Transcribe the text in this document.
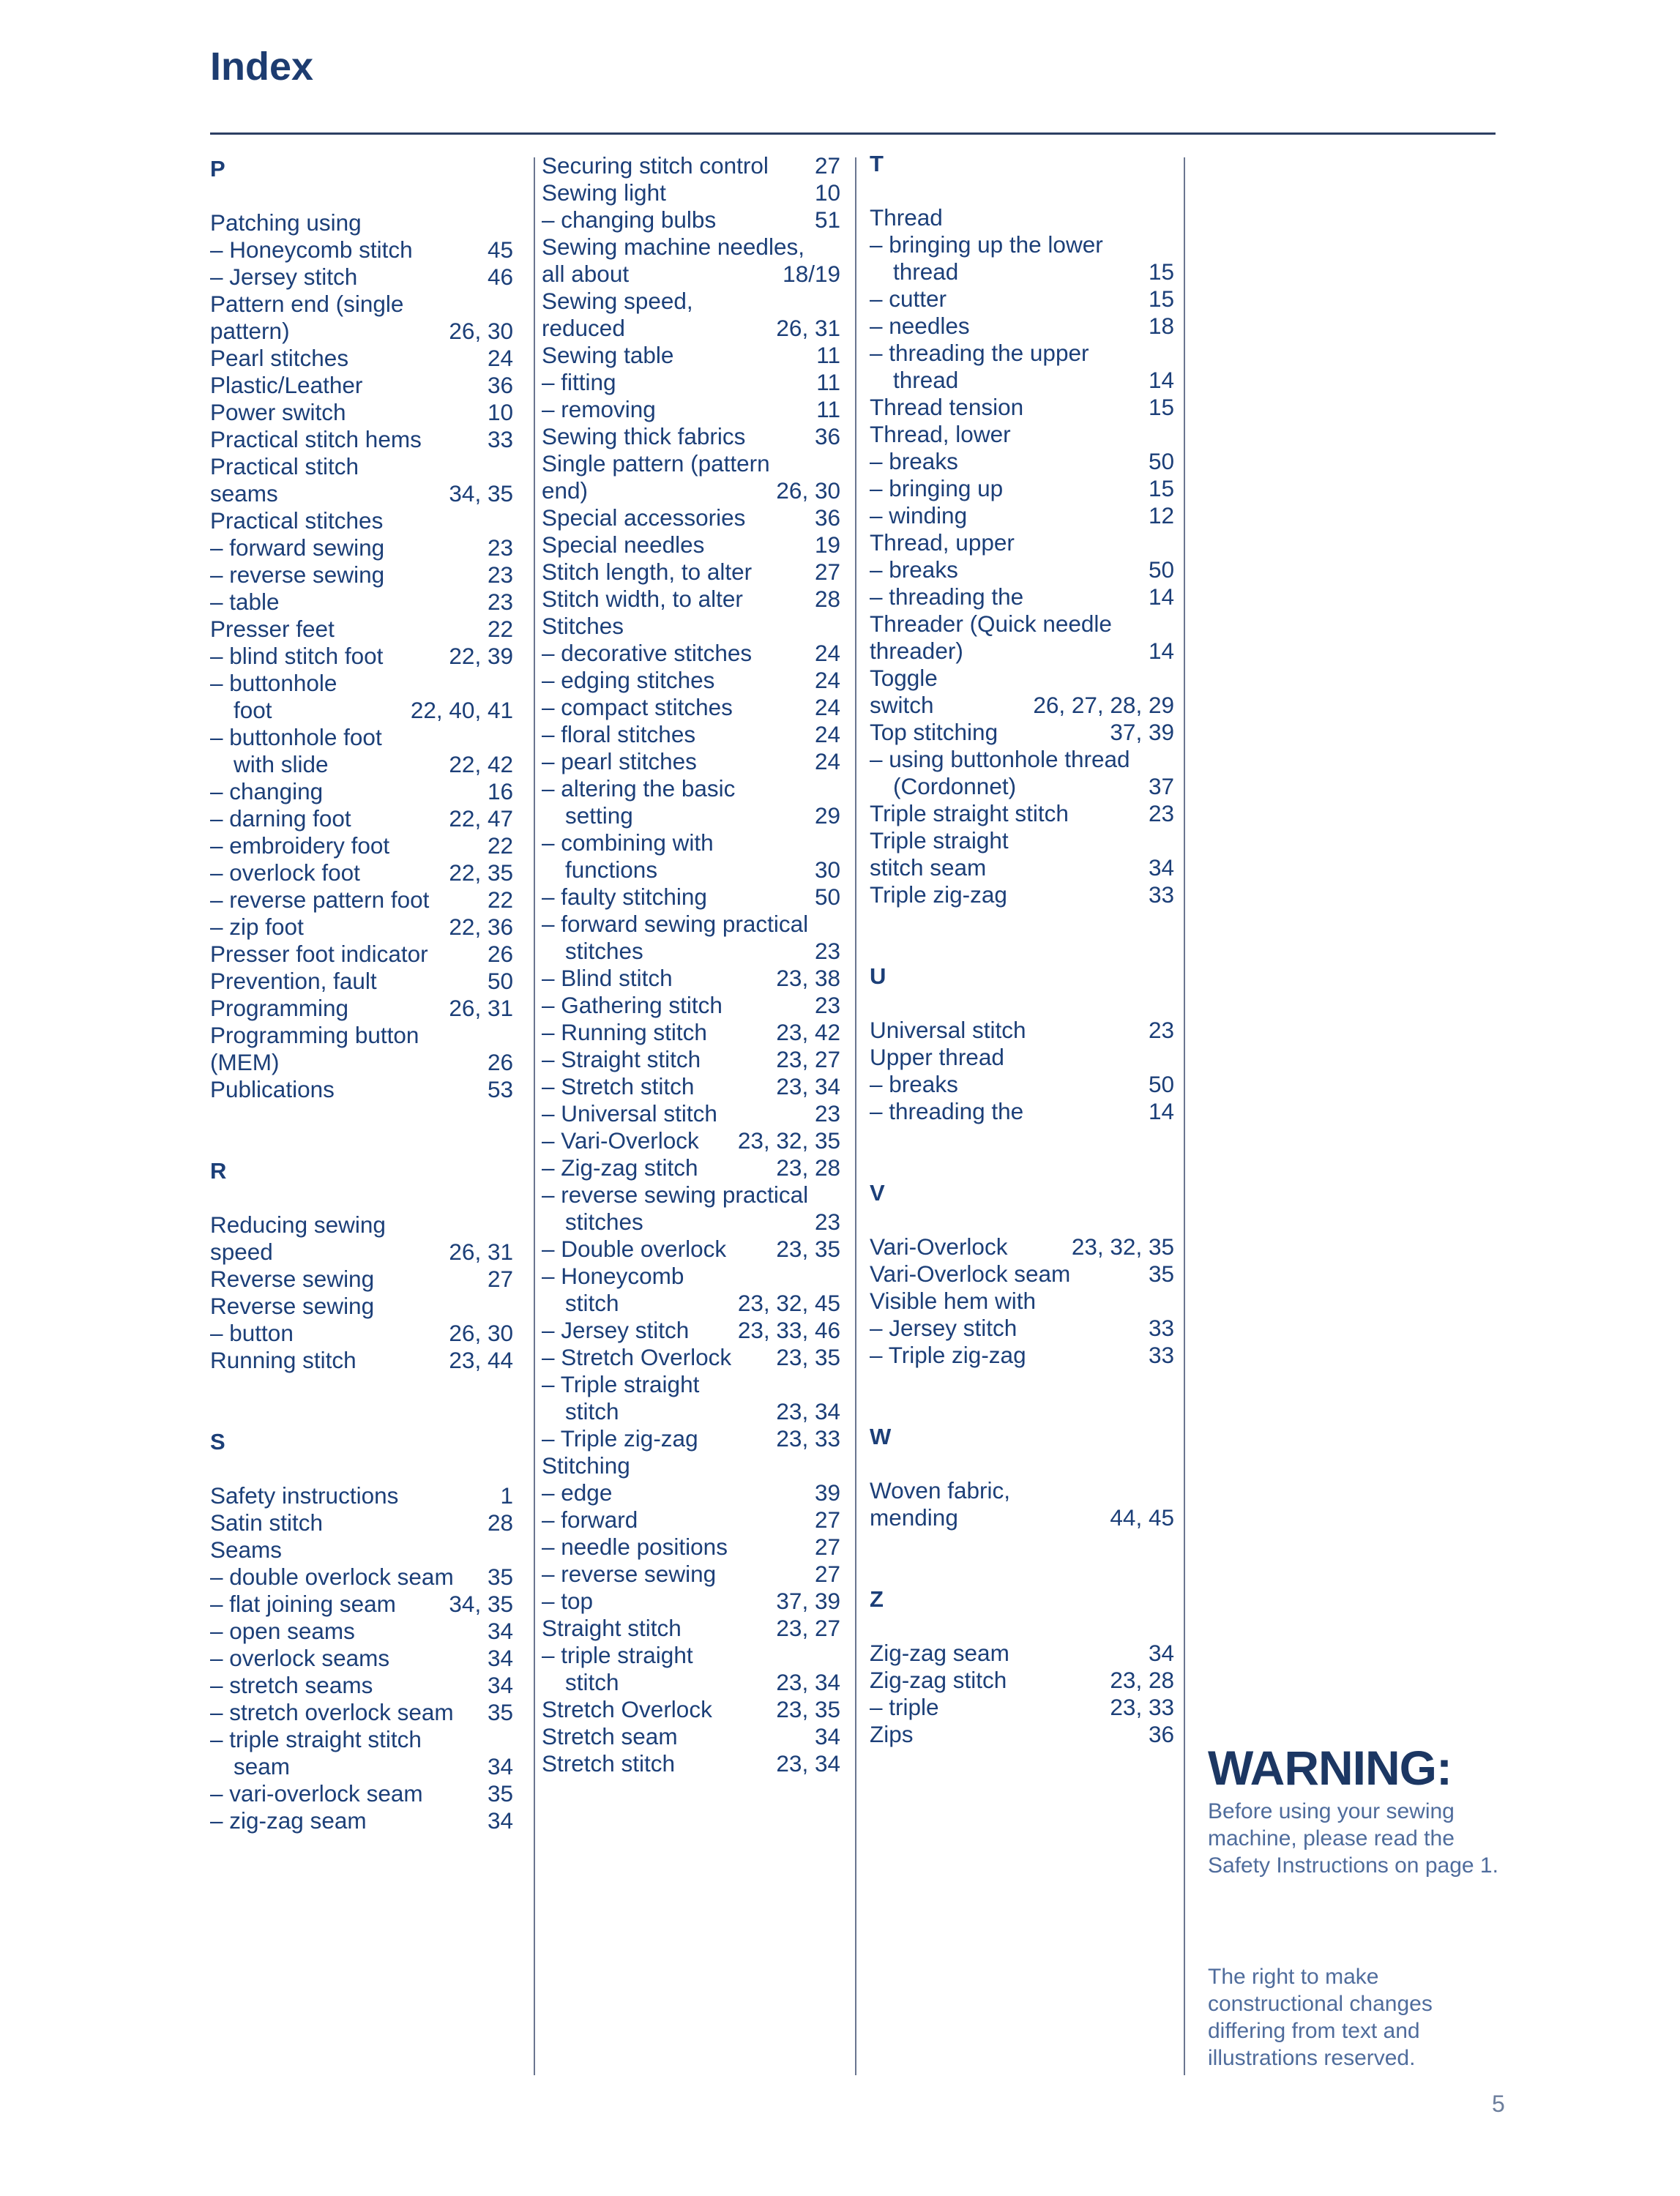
Index
P
Patching using
– Honeycomb stitch	45
– Jersey stitch	46
Pattern end (single
pattern)	26, 30
Pearl stitches	24
Plastic/Leather	36
Power switch	10
Practical stitch hems	33
Practical stitch
seams	34, 35
Practical stitches
– forward sewing	23
– reverse sewing	23
– table	23
Presser feet	22
– blind stitch foot	22, 39
– buttonhole
foot	22, 40, 41
– buttonhole foot
with slide	22, 42
– changing	16
– darning foot	22, 47
– embroidery foot	22
– overlock foot	22, 35
– reverse pattern foot	22
– zip foot	22, 36
Presser foot indicator	26
Prevention, fault	50
Programming	26, 31
Programming button
(MEM)	26
Publications	53
R
Reducing sewing
speed	26, 31
Reverse sewing	27
Reverse sewing
– button	26, 30
Running stitch	23, 44
S
Safety instructions	1
Satin stitch	28
Seams
– double overlock seam	35
– flat joining seam	34, 35
– open seams	34
– overlock seams	34
– stretch seams	34
– stretch overlock seam	35
– triple straight stitch
seam	34
– vari-overlock seam	35
– zig-zag seam	34
Securing stitch control	27
Sewing light	10
– changing bulbs	51
Sewing machine needles,
all about	18/19
Sewing speed,
reduced	26, 31
Sewing table	11
– fitting	11
– removing	11
Sewing thick fabrics	36
Single pattern (pattern
end)	26, 30
Special accessories	36
Special needles	19
Stitch length, to alter	27
Stitch width, to alter	28
Stitches
– decorative stitches	24
– edging stitches	24
– compact stitches	24
– floral stitches	24
– pearl stitches	24
– altering the basic
setting	29
– combining with
functions	30
– faulty stitching	50
– forward sewing practical
stitches	23
– Blind stitch	23, 38
– Gathering stitch	23
– Running stitch	23, 42
– Straight stitch	23, 27
– Stretch stitch	23, 34
– Universal stitch	23
– Vari-Overlock	23, 32, 35
– Zig-zag stitch	23, 28
– reverse sewing practical
stitches	23
– Double overlock	23, 35
– Honeycomb
stitch	23, 32, 45
– Jersey stitch	23, 33, 46
– Stretch Overlock	23, 35
– Triple straight
stitch	23, 34
– Triple zig-zag	23, 33
Stitching
– edge	39
– forward	27
– needle positions	27
– reverse sewing	27
– top	37, 39
Straight stitch	23, 27
– triple straight
stitch	23, 34
Stretch Overlock	23, 35
Stretch seam	34
Stretch stitch	23, 34
T
Thread
– bringing up the lower
thread	15
– cutter	15
– needles	18
– threading the upper
thread	14
Thread tension	15
Thread, lower
– breaks	50
– bringing up	15
– winding	12
Thread, upper
– breaks	50
– threading the	14
Threader (Quick needle
threader)	14
Toggle
switch	26, 27, 28, 29
Top stitching	37, 39
– using buttonhole thread
(Cordonnet)	37
Triple straight stitch	23
Triple straight
stitch seam	34
Triple zig-zag	33
U
Universal stitch	23
Upper thread
– breaks	50
– threading the	14
V
Vari-Overlock	23, 32, 35
Vari-Overlock seam	35
Visible hem with
– Jersey stitch	33
– Triple zig-zag	33
W
Woven fabric,
mending	44, 45
Z
Zig-zag seam	34
Zig-zag stitch	23, 28
– triple	23, 33
Zips	36
WARNING:
Before using your sewing machine, please read the Safety Instructions on page 1.
The right to make constructional changes differing from text and illustrations reserved.
5
